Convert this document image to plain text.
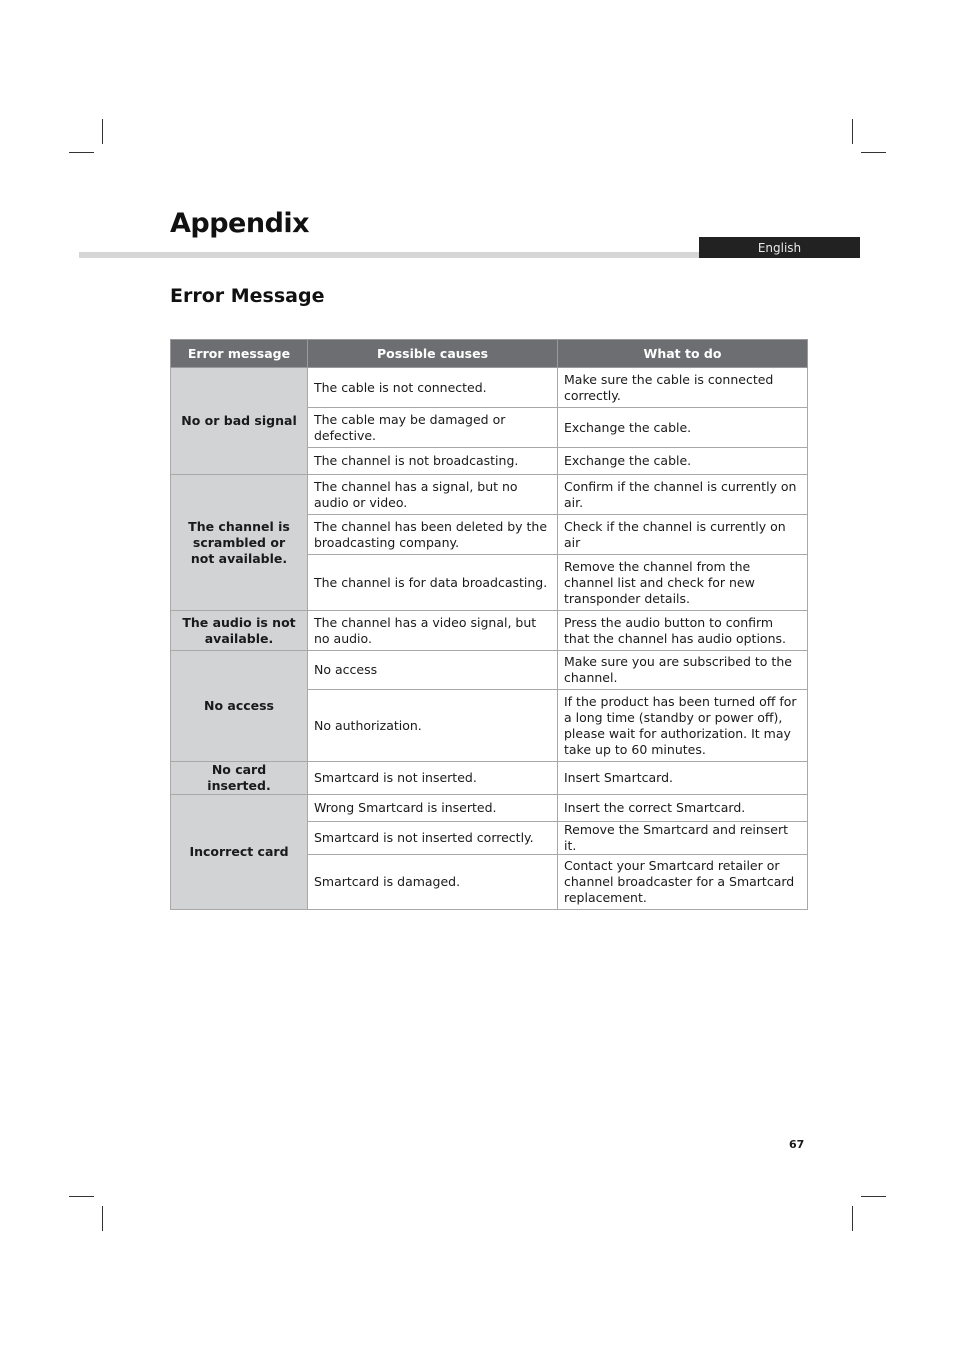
Appendix
English
Error Message
Error message	Possible causes	What to do
No or bad signal	The cable is not connected.	Make sure the cable is connected correctly.
	The cable may be damaged or defective.	Exchange the cable.
	The channel is not broadcasting.	Exchange the cable.
The channel is scrambled or not available.	The channel has a signal, but no audio or video.	Confirm if the channel is currently on air.
	The channel has been deleted by the broadcasting company.	Check if the channel is currently on air
	The channel is for data broadcasting.	Remove the channel from the channel list and check for new transponder details.
The audio is not available.	The channel has a video signal, but no audio.	Press the audio button to confirm that the channel has audio options.
No access	No access	Make sure you are subscribed to the channel.
	No authorization.	If the product has been turned off for a long time (standby or power off), please wait for authorization. It may take up to 60 minutes.
No card inserted.	Smartcard is not inserted.	Insert Smartcard.
Incorrect card	Wrong Smartcard is inserted.	Insert the correct Smartcard.
	Smartcard is not inserted correctly.	Remove the Smartcard and reinsert it.
	Smartcard is damaged.	Contact your Smartcard retailer or channel broadcaster for a Smartcard replacement.
67
